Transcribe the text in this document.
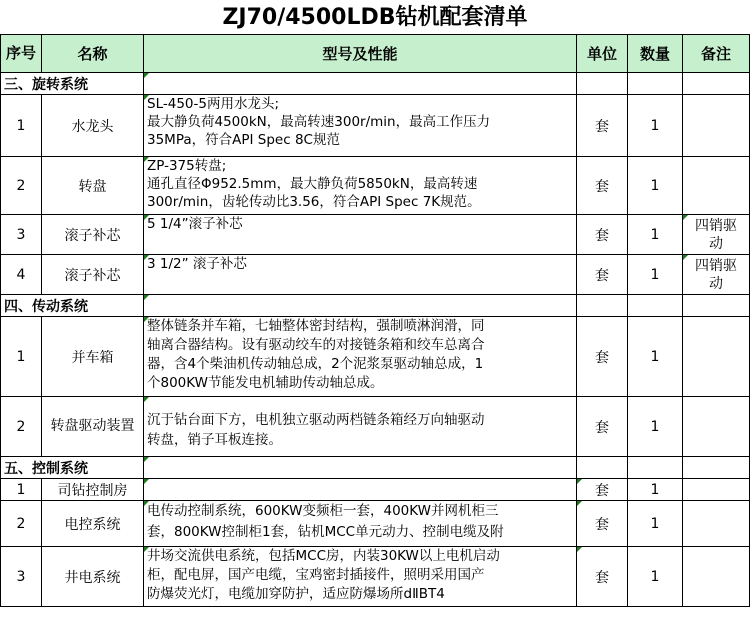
ZJ70/4500LDB钻机配套清单
序号	名称	型号及性能	单位	数量	备注
三、旋转系统					
1	水龙头	SL-450-5两用水龙头;
最大静负荷4500kN，最高转速300r/min，最高工作压力
35MPa，符合API Spec 8C规范	套	1	
2	转盘	ZP-375转盘;
通孔直径Φ952.5mm，最大静负荷5850kN，最高转速
300r/min，齿轮传动比3.56，符合API Spec 7K规范。	套	1	
3	滚子补芯	5 1/4”滚子补芯	套	1	四销驱动
4	滚子补芯	3 1/2” 滚子补芯	套	1	四销驱动
四、传动系统					
1	并车箱	整体链条并车箱，七轴整体密封结构，强制喷淋润滑，同
轴离合器结构。设有驱动绞车的对接链条箱和绞车总离合
器，含4个柴油机传动轴总成，2个泥浆泵驱动轴总成，1
个800KW节能发电机辅助传动轴总成。	套	1	
2	转盘驱动装置	沉于钻台面下方，电机独立驱动两档链条箱经万向轴驱动
转盘，销子耳板连接。	套	1	
五、控制系统					
1	司钻控制房		套	1	
2	电控系统	电传动控制系统，600KW变频柜一套，400KW并网机柜三
套，800KW控制柜1套，钻机MCC单元动力、控制电缆及附	套	1	
3	井电系统	井场交流供电系统，包括MCC房，内装30KW以上电机启动
柜，配电屏，国产电缆，宝鸡密封插接件，照明采用国产
防爆荧光灯，电缆加穿防护，适应防爆场所dⅡBT4	套	1	
